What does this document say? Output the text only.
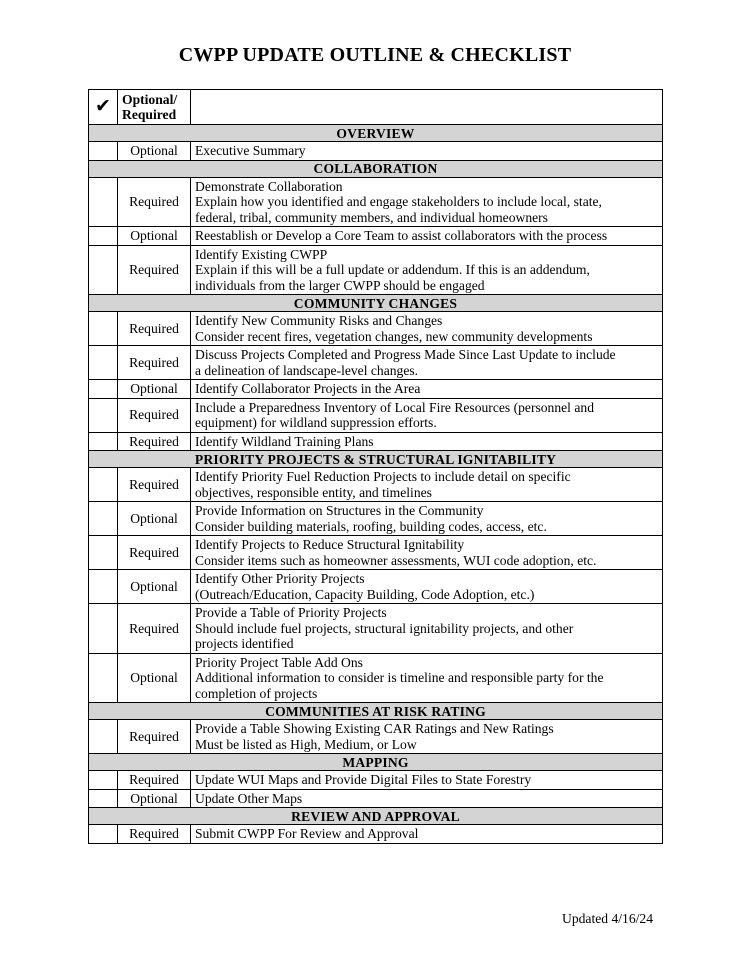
CWPP UPDATE OUTLINE & CHECKLIST
✔	Optional/
Required	

OVERVIEW		
	Optional	Executive Summary

COLLABORATION		
	Required	Demonstrate Collaboration
Explain how you identified and engage stakeholders to include local, state,
federal, tribal, community members, and individual homeowners

	Optional	Reestablish or Develop a Core Team to assist collaborators with the process

	Required	Identify Existing CWPP
Explain if this will be a full update or addendum. If this is an addendum,
individuals from the larger CWPP should be engaged

COMMUNITY CHANGES		
	Required	Identify New Community Risks and Changes
Consider recent fires, vegetation changes, new community developments

	Required	Discuss Projects Completed and Progress Made Since Last Update to include
a delineation of landscape-level changes.

	Optional	Identify Collaborator Projects in the Area

	Required	Include a Preparedness Inventory of Local Fire Resources (personnel and
equipment) for wildland suppression efforts.

	Required	Identify Wildland Training Plans

PRIORITY PROJECTS & STRUCTURAL IGNITABILITY		
	Required	Identify Priority Fuel Reduction Projects to include detail on specific
objectives, responsible entity, and timelines

	Optional	Provide Information on Structures in the Community
Consider building materials, roofing, building codes, access, etc.

	Required	Identify Projects to Reduce Structural Ignitability
Consider items such as homeowner assessments, WUI code adoption, etc.

	Optional	Identify Other Priority Projects
(Outreach/Education, Capacity Building, Code Adoption, etc.)

	Required	Provide a Table of Priority Projects
Should include fuel projects, structural ignitability projects, and other
projects identified

	Optional	Priority Project Table Add Ons
Additional information to consider is timeline and responsible party for the
completion of projects

COMMUNITIES AT RISK RATING		
	Required	Provide a Table Showing Existing CAR Ratings and New Ratings
Must be listed as High, Medium, or Low

MAPPING		
	Required	Update WUI Maps and Provide Digital Files to State Forestry

	Optional	Update Other Maps

REVIEW AND APPROVAL		
	Required	Submit CWPP For Review and Approval
Updated 4/16/24
